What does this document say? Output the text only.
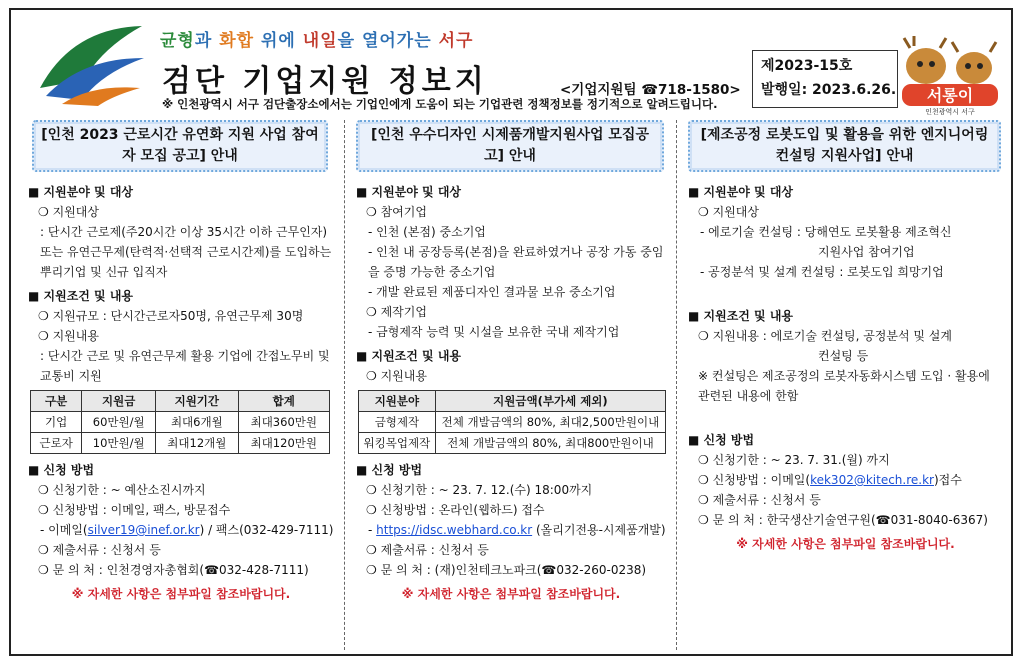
균형과 화합 위에 내일을 열어가는 서구
검단 기업지원 정보지	<기업지원팀 ☎718-1580>
※ 인천광역시 서구 검단출장소에서는 기업인에게 도움이 되는 기업관련 정책정보를 정기적으로 알려드립니다.
제2023-15호
발행일: 2023.6.26. 서롱이
인천광역시 서구
[인천 2023 근로시간 유연화 지원 사업 참여자 모집 공고] 안내
■ 지원분야 및 대상
❍ 지원대상
: 단시간 근로제(주20시간 이상 35시간 이하 근무인자) 또는 유연근무제(탄력적·선택적 근로시간제)를 도입하는 뿌리기업 및 신규 입직자
■ 지원조건 및 내용
❍ 지원규모 : 단시간근로자50명, 유연근무제 30명
❍ 지원내용
: 단시간 근로 및 유연근무제 활용 기업에 간접노무비 및 교통비 지원
구분	지원금	지원기간	합계
기업	60만원/월	최대6개월	최대360만원
근로자	10만원/월	최대12개월	최대120만원
■ 신청 방법
❍ 신청기한 : ~ 예산소진시까지
❍ 신청방법 : 이메일, 팩스, 방문접수
- 이메일(silver19@inef.or.kr) / 팩스(032-429-7111)
❍ 제출서류 : 신청서 등
❍ 문 의 처 : 인천경영자총협회(☎032-428-7111)
※ 자세한 사항은 첨부파일 참조바랍니다.
[인천 우수디자인 시제품개발지원사업 모집공고] 안내
■ 지원분야 및 대상
❍ 참여기업
- 인천 (본점) 중소기업
- 인천 내 공장등록(본점)을 완료하였거나 공장 가동 중임을 증명 가능한 중소기업
- 개발 완료된 제품디자인 결과물 보유 중소기업
❍ 제작기업
- 금형제작 능력 및 시설을 보유한 국내 제작기업
■ 지원조건 및 내용
❍ 지원내용
지원분야	지원금액(부가세 제외)
금형제작	전체 개발금액의 80%, 최대2,500만원이내
워킹목업제작	전체 개발금액의 80%, 최대800만원이내
■ 신청 방법
❍ 신청기한 : ~ 23. 7. 12.(수) 18:00까지
❍ 신청방법 : 온라인(웹하드) 접수
- https://idsc.webhard.co.kr (올리기전용-시제품개발)
❍ 제출서류 : 신청서 등
❍ 문 의 처 : (재)인천테크노파크(☎032-260-0238)
※ 자세한 사항은 첨부파일 참조바랍니다.
[제조공정 로봇도입 및 활용을 위한 엔지니어링 컨설팅 지원사업] 안내
■ 지원분야 및 대상
❍ 지원대상
- 에로기술 컨설팅 : 당해연도 로봇활용 제조혁신
지원사업 참여기업
- 공정분석 및 설계 컨설팅 : 로봇도입 희망기업
■ 지원조건 및 내용
❍ 지원내용 : 에로기술 컨설팅, 공정분석 및 설계
컨설팅 등
※ 컨설팅은 제조공정의 로봇자동화시스템 도입 · 활용에 관련된 내용에 한함
■ 신청 방법
❍ 신청기한 : ~ 23. 7. 31.(월) 까지
❍ 신청방법 : 이메일(kek302@kitech.re.kr)접수
❍ 제출서류 : 신청서 등
❍ 문 의 처 : 한국생산기술연구원(☎031-8040-6367)
※ 자세한 사항은 첨부파일 참조바랍니다.
